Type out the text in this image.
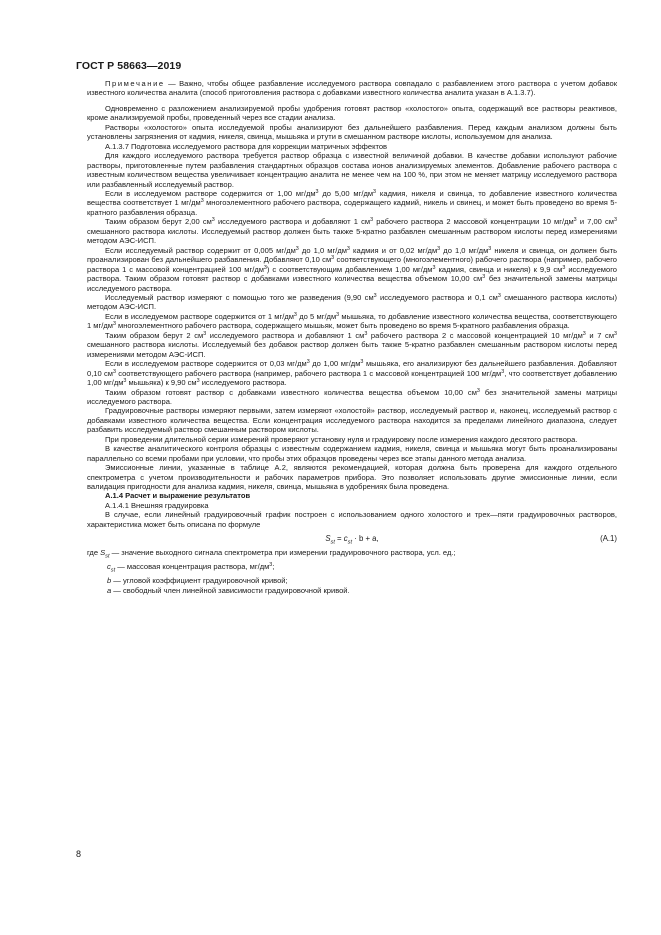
ГОСТ Р 58663—2019

Примечание — Важно, чтобы общее разбавление исследуемого раствора совпадало с разбавлением этого раствора с учетом добавок известного количества аналита (способ приготовления раствора с добавками известного количества аналита указан в А.1.3.7).

Одновременно с разложением анализируемой пробы удобрения готовят раствор «холостого» опыта, содержащий все растворы реактивов, кроме анализируемой пробы, проведенный через все стадии анализа.

Растворы «холостого» опыта исследуемой пробы анализируют без дальнейшего разбавления. Перед каждым анализом должны быть установлены загрязнения от кадмия, никеля, свинца, мышьяка и ртути в смешанном растворе кислоты, используемом для анализа.

А.1.3.7 Подготовка исследуемого раствора для коррекции матричных эффектов

Для каждого исследуемого раствора требуется раствор образца с известной величиной добавки. В качестве добавки используют рабочие растворы, приготовленные путем разбавления стандартных образцов состава ионов анализируемых элементов. Добавление рабочего раствора с известным количеством вещества увеличивает концентрацию аналита не менее чем на 100 %, при этом не меняет матрицу исследуемого раствора или разбавленный исследуемый раствор.

Если в исследуемом растворе содержится от 1,00 $мг/дм^3$ до 5,00 $мг/дм^3$ кадмия, никеля и свинца, то добавление известного количества вещества соответствует 1 $мг/дм^3$ многоэлементного рабочего раствора, содержащего кадмий, никель и свинец, и может быть проведено во время 5-кратного разбавления образца.

Таким образом берут 2,00 $см^3$ исследуемого раствора и добавляют 1 $см^3$ рабочего раствора 2 массовой концентрации 10 $мг/дм^3$ и 7,00 $см^3$ смешанного раствора кислоты. Исследуемый раствор должен быть также 5-кратно разбавлен смешанным раствором кислоты перед измерениями методом АЭС-ИСП.

Если исследуемый раствор содержит от 0,005 $мг/дм^3$ до 1,0 $мг/дм^3$ кадмия и от 0,02 $мг/дм^3$ до 1,0 $мг/дм^3$ никеля и свинца, он должен быть проанализирован без дальнейшего разбавления. Добавляют 0,10 $см^3$ соответствующего (многоэлементного) рабочего раствора (например, рабочего раствора 1 с массовой концентрацией 100 $мг/дм^3$) с соответствующим добавлением 1,00 $мг/дм^3$ кадмия, свинца и никеля) к 9,9 $см^3$ исследуемого раствора. Таким образом готовят раствор с добавками известного количества вещества объемом 10,00 $см^3$ без значительной замены матрицы исследуемого раствора.

Исследуемый раствор измеряют с помощью того же разведения (9,90 $см^3$ исследуемого раствора и 0,1 $см^3$ смешанного раствора кислоты) методом АЭС-ИСП.

Если в исследуемом растворе содержится от 1 $мг/дм^3$ до 5 $мг/дм^3$ мышьяка, то добавление известного количества вещества, соответствующего 1 $мг/дм^3$ многоэлементного рабочего раствора, содержащего мышьяк, может быть проведено во время 5-кратного разбавления образца.

Таким образом берут 2 $см^3$ исследуемого раствора и добавляют 1 $см^3$ рабочего раствора 2 с массовой концентрацией 10 $мг/дм^3$ и 7 $см^3$ смешанного раствора кислоты. Исследуемый без добавок раствор должен быть также 5-кратно разбавлен смешанным раствором кислоты перед измерениями методом АЭС-ИСП.

Если в исследуемом растворе содержится от 0,03 $мг/дм^3$ до 1,00 $мг/дм^3$ мышьяка, его анализируют без дальнейшего разбавления. Добавляют 0,10 $см^3$ соответствующего рабочего раствора (например, рабочего раствора 1 с массовой концентрацией 100 $мг/дм^3$, что соответствует добавлению 1,00 $мг/дм^3$ мышьяка) к 9,90 $см^3$ исследуемого раствора.

Таким образом готовят раствор с добавками известного количества вещества объемом 10,00 $см^3$ без значительной замены матрицы исследуемого раствора.

Градуировочные растворы измеряют первыми, затем измеряют «холостой» раствор, исследуемый раствор и, наконец, исследуемый раствор с добавками известного количества вещества. Если концентрация исследуемого раствора находится за пределами линейного диапазона, следует разбавить исследуемый раствор смешанным раствором кислоты.

При проведении длительной серии измерений проверяют установку нуля и градуировку после измерения каждого десятого раствора.

В качестве аналитического контроля образцы с известным содержанием кадмия, никеля, свинца и мышьяка могут быть проанализированы параллельно со всеми пробами при условии, что пробы этих образцов проведены через все этапы данного метода анализа.

Эмиссионные линии, указанные в таблице А.2, являются рекомендацией, которая должна быть проверена для каждого отдельного спектрометра с учетом производительности и рабочих параметров прибора. Это позволяет использовать другие эмиссионные линии, если валидация пригодности для анализа кадмия, никеля, свинца, мышьяка в удобрениях была проведена.

А.1.4 Расчет и выражение результатов

А.1.4.1 Внешняя градуировка

В случае, если линейный градуировочный график построен с использованием одного холостого и трех—пяти градуировочных растворов, характеристика может быть описана по формуле

$S_{st} = c_{st} \cdot b + a$,	(A.1)
где $S_{st}$ — значение выходного сигнала спектрометра при измерении градуировочного раствора, усл. ед.;
$c_{st}$ — массовая концентрация раствора, $мг/дм^3$;
b — угловой коэффициент градуировочной кривой;
a — свободный член линейной зависимости градуировочной кривой.
8
